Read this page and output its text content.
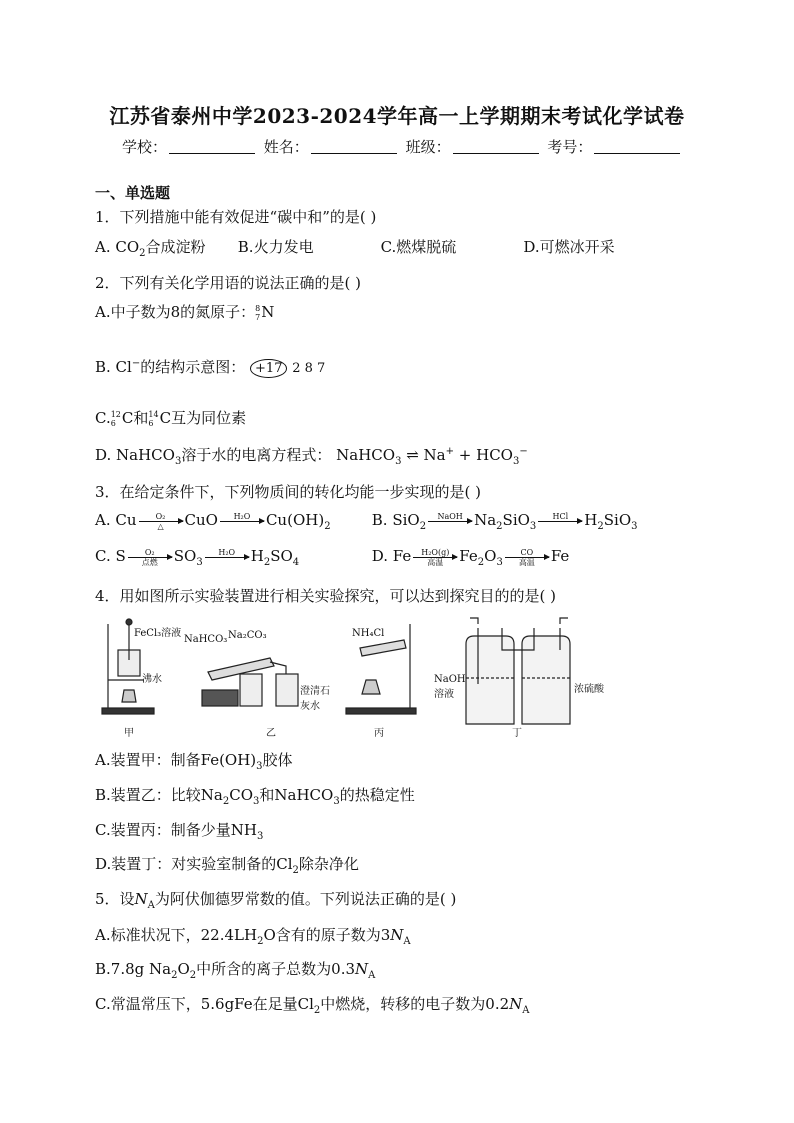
江苏省泰州中学2023-2024学年高一上学期期末考试化学试卷
学校：	姓名：	班级：	考号：
一、单选题
1．下列措施中能有效促进“碳中和”的是( )
A. $CO_2$合成淀粉 B.火力发电	C.燃煤脱硫	D.可燃冰开采
2．下列有关化学用语的说法正确的是( )
A.中子数为8的氮原子： 8
7 N
B. Cl−的结构示意图： +17 2 8 7
C. 12
6 C和 14
6 C互为同位素
D. NaHCO$_3$溶于水的电离方程式： NaHCO$_3$ ⇌ $Na^+ + HCO_3^-$
3．在给定条件下，下列物质间的转化均能一步实现的是( )
A. Cu O₂
△ CuO H₂O
$Cu(OH)_2$	B. SiO$_2$
NaOH
$Na_2SiO_3$
HCl
$H_2SiO_3$
C. S O₂
点燃 $SO_3$
H₂O
$H_2SO_4$	D. Fe H₂O(g)
高温 $Fe_2O_3$
CO
高温 Fe
4．用如图所示实验装置进行相关实验探究，可以达到探究目的的是( )
FeCl₃溶液
沸水
NaHCO₃ Na₂CO₃
澄清石灰水
NH₄Cl
NaOH溶液	浓硫酸
甲	乙	丙	丁
A.装置甲：制备$Fe(OH)_3$胶体
B.装置乙：比较$Na_2CO_3$和NaHCO$_3$的热稳定性
C.装置丙：制备少量$NH_3$
D.装置丁：对实验室制备的$Cl_2$除杂净化
5．设$N_A$为阿伏伽德罗常数的值。下列说法正确的是( )
A.标准状况下，$22.4LH_2O$含有的原子数为$3N_A$
B.7.8g $Na_2O_2$中所含的离子总数为$0.3N_A$
C.常温常压下，5.6gFe在足量$Cl_2$中燃烧，转移的电子数为$0.2N_A$
